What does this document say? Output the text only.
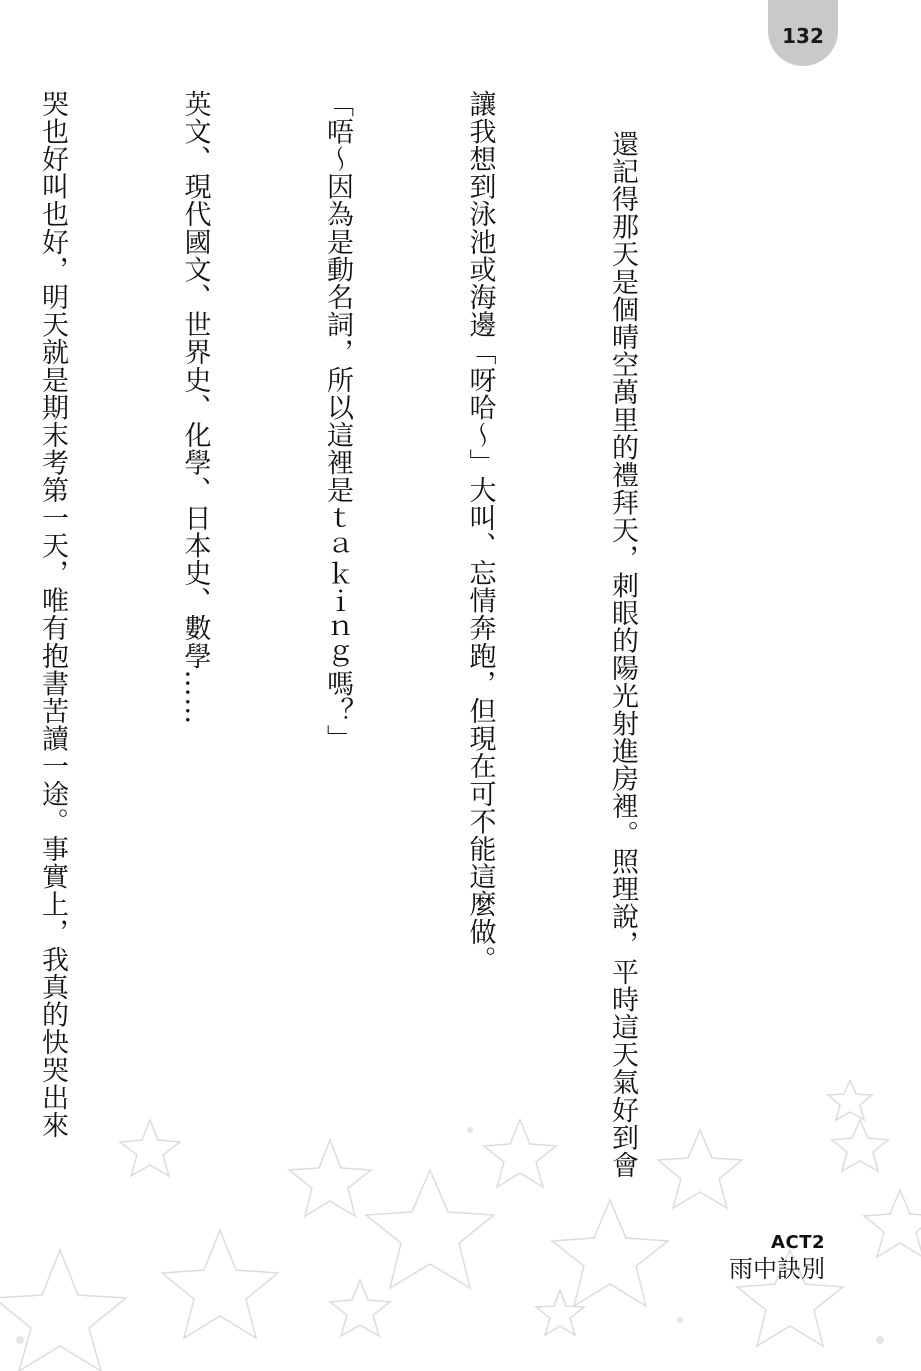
132

還記得那天是個晴空萬里的禮拜天，刺眼的陽光射進房裡。照理說，平時這天氣好到會

讓我想到泳池或海邊「呀哈～」大叫、忘情奔跑，但現在可不能這麼做。

「唔～因為是動名詞，所以這裡是ｔａｋｉｎｇ嗎？」

英文、現代國文、世界史、化學、日本史、數學……

哭也好叫也好，明天就是期末考第一天，唯有抱書苦讀一途。事實上，我真的快哭出來

ACT2
雨中訣別
